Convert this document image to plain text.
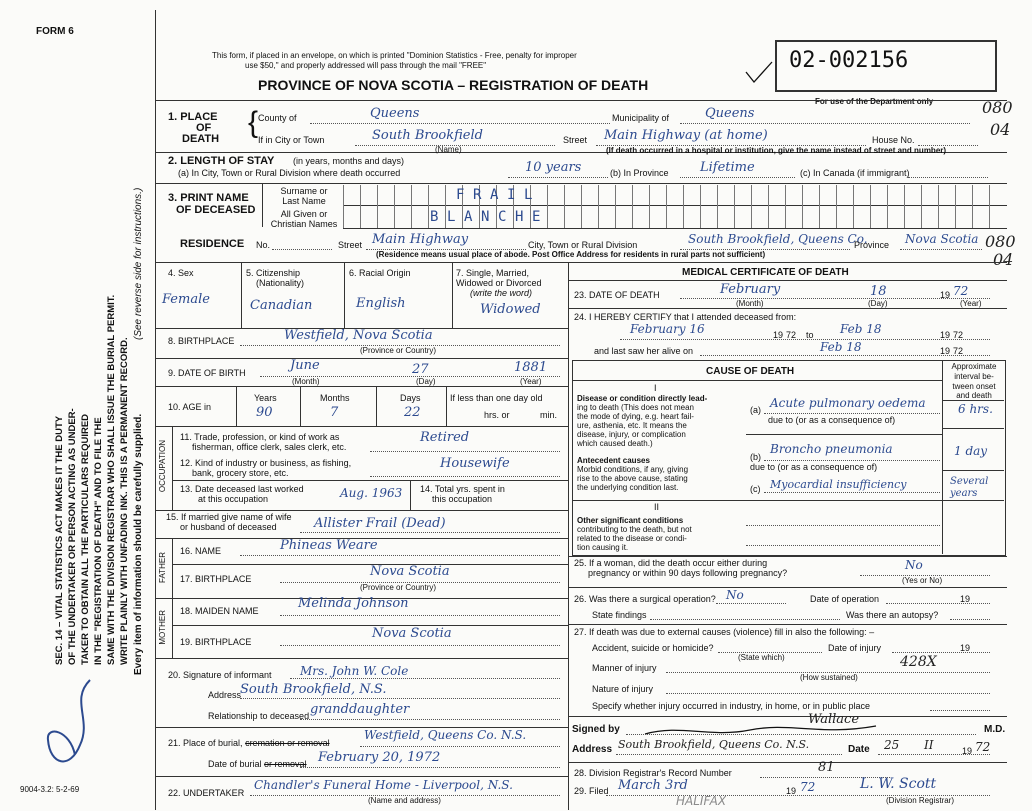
FORM 6
This form, if placed in an envelope, on which is printed "Dominion Statistics - Free, penalty for improper
use $50," and properly addressed will pass through the mail "FREE"
PROVINCE OF NOVA SCOTIA – REGISTRATION OF DEATH
02-002156
For use of the Department only	080
04
080
04
SEC. 14 – VITAL STATISTICS ACT MAKES IT THE DUTY OF THE UNDERTAKER OR PERSON ACTING AS UNDER- TAKER TO OBTAIN ALL THE PARTICULARS REQUIRED IN THE "REGISTRATION OF DEATH" AND TO FILE THE SAME WITH THE DIVISION REGISTRAR WHO SHALL ISSUE THE BURIAL PERMIT. WRITE PLAINLY WITH UNFADING INK. THIS IS A PERMANENT RECORD.
(See reverse side for instructions.)
Every item of information should be carefully supplied.
9004-3.2: 5-2-69
1. PLACE
OF
DEATH { County of	Queens	Municipality of	Queens
If in City or Town	South Brookfield
(Name)
Street Main Highway (at home)	House No.
(If death occurred in a hospital or institution, give the name instead of street and number)
2. LENGTH OF STAY (in years, months and days)
(a) In City, Town or Rural Division where death occurred	10 years	(b) In Province Lifetime	(c) In Canada (if immigrant)
3. PRINT NAME
OF DECEASED
Surname or
Last Name
All Given or
Christian Names
F R A I L
B L A N C H E
RESIDENCE No.	Street Main Highway	City, Town or Rural Division	South Brookfield, Queens Co.
Province Nova Scotia
(Residence means usual place of abode. Post Office Address for residents in rural parts not sufficient)
4. Sex
Female
5. Citizenship
(Nationality)
Canadian
6. Racial Origin
English
7. Single, Married,
Widowed or Divorced
(write the word)
Widowed
8. BIRTHPLACE	Westfield, Nova Scotia
(Province or Country)
9. DATE OF BIRTH	June	27	1881
(Month)	(Day)	(Year)
10. AGE in
Years	Months	Days
90	7	22
If less than one day old
hrs. or	min.
OCCUPATION
11. Trade, profession, or kind of work as
fisherman, office clerk, sales clerk, etc.
Retired
12. Kind of industry or business, as fishing,
bank, grocery store, etc.
Housewife
13. Date deceased last worked
at this occupation	Aug. 1963 14. Total yrs. spent in
this occupation
15. If married give name of wife
or husband of deceased	Allister Frail (Dead)
FATHER
16. NAME	Phineas Weare
17. BIRTHPLACE	Nova Scotia
(Province or Country)
MOTHER 18. MAIDEN NAME	Melinda Johnson
19. BIRTHPLACE
Nova Scotia
20. Signature of informant Mrs. John W. Cole
Address
South Brookfield, N.S.
Relationship to deceased granddaughter
21. Place of burial, cremation or removal
Westfield, Queens Co. N.S.
Date of burial or removal February 20, 1972
22. UNDERTAKER
Chandler's Funeral Home - Liverpool, N.S.
(Name and address)
MEDICAL CERTIFICATE OF DEATH
23. DATE OF DEATH	February	18	19 72
(Month)	(Day)	(Year)
24. I HEREBY CERTIFY that I attended deceased from:
February 16	19 72 to Feb 18	19 72
and last saw her alive on	Feb 18	19 72
CAUSE OF DEATH	Approximate
interval be-
tween onset
and death
I
Disease or condition directly lead-
ing to death (This does not mean
the mode of dying, e.g. heart fail-
ure, asthenia, etc. It means the
disease, injury, or complication
which caused death.)
(a) Acute pulmonary oedema	6 hrs.
due to (or as a consequence of)
Antecedent causes
Morbid conditions, if any, giving
rise to the above cause, stating
the underlying condition last.
(b)
Broncho pneumonia	1 day
due to (or as a consequence of)
(c) Myocardial insufficiency	Several years
II
Other significant conditions
contributing to the death, but not
related to the disease or condi-
tion causing it.
25. If a woman, did the death occur either during
pregnancy or within 90 days following pregnancy?
No
(Yes or No)
26. Was there a surgical operation? No	Date of operation	19
State findings	Was there an autopsy?
27. If death was due to external causes (violence) fill in also the following: –
Accident, suicide or homicide?
(State which)
Date of injury	19
Manner of injury	428X
(How sustained)
Nature of injury
Specify whether injury occurred in industry, in home, or in public place
Signed by
Wallace
M.D.
Address South Brookfield, Queens Co. N.S.	Date 25 II	19 72
28. Division Registrar's Record Number	81
29. Filed March 3rd	19 72	L. W. Scott
(Division Registrar)
HALIFAX
